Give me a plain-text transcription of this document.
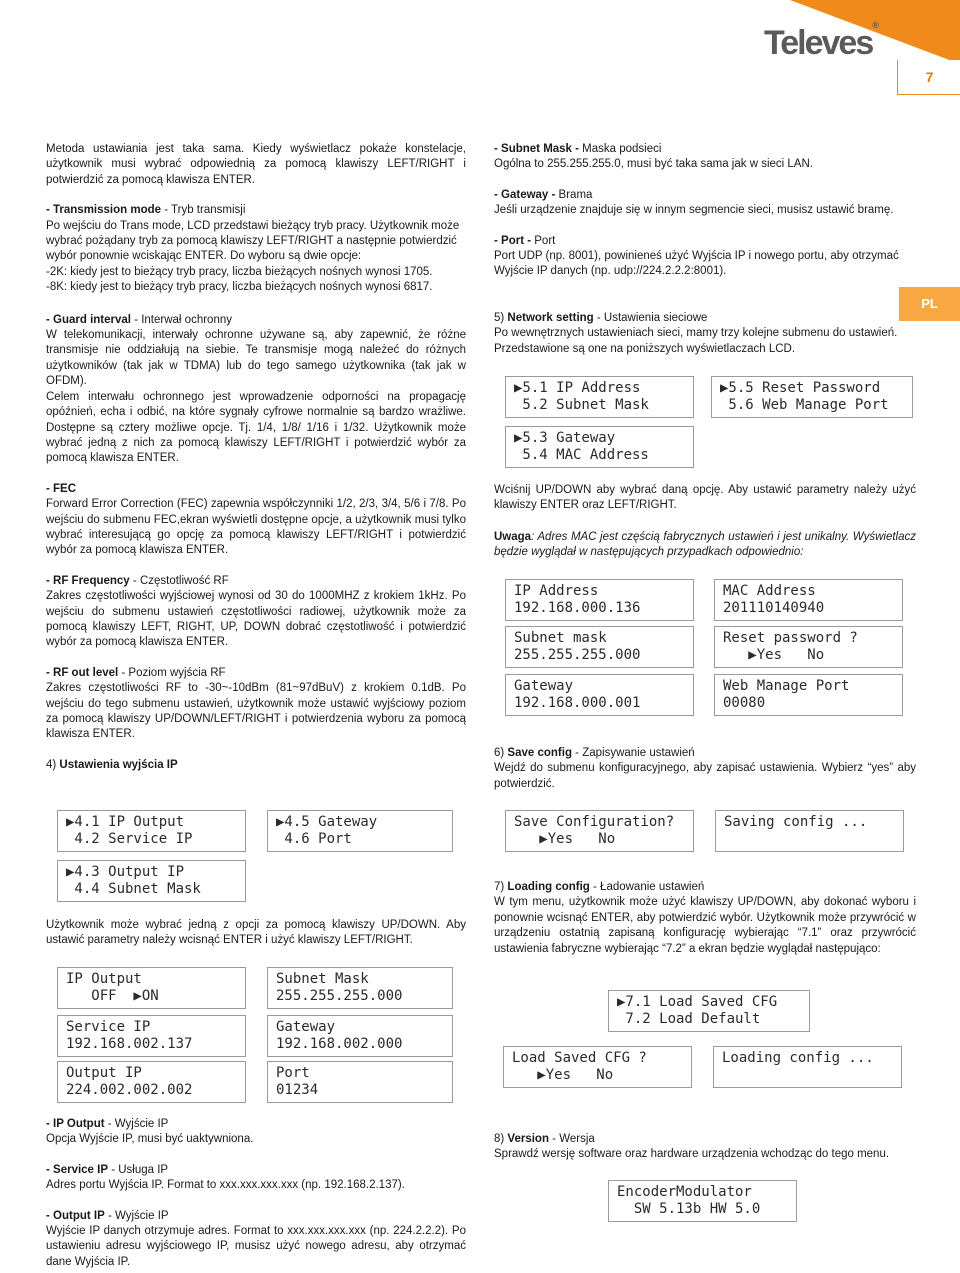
Televes®
7
PL

Metoda ustawiania jest taka sama. Kiedy wyświetlacz pokaże konstelacje, użytkownik musi wybrać odpowiednią za pomocą klawiszy LEFT/RIGHT i potwierdzić za pomocą klawisza ENTER.

- Transmission mode - Tryb transmisji

Po wejściu do Trans mode, LCD przedstawi bieżący tryb pracy. Użytkownik może wybrać pożądany tryb za pomocą klawiszy LEFT/RIGHT a następnie potwierdzić wybór ponownie wciskając ENTER. Do wyboru są dwie opcje:

-2K: kiedy jest to bieżący tryb pracy, liczba bieżących nośnych wynosi 1705.

-8K: kiedy jest to bieżący tryb pracy, liczba bieżących nośnych wynosi 6817.

- Guard interval - Interwał ochronny

W telekomunikacji, interwały ochronne używane są, aby zapewnić, że różne transmisje nie oddziałują na siebie. Te transmisje mogą należeć do różnych użytkowników (tak jak w TDMA) lub do tego samego użytkownika (tak jak w OFDM).

Celem interwału ochronnego jest wprowadzenie odporności na propagację opóźnień, echa i odbić, na które sygnały cyfrowe normalnie są bardzo wrażliwe. Dostępne są cztery możliwe opcje. Tj. 1/4, 1/8/ 1/16 i 1/32. Użytkownik może wybrać jedną z nich za pomocą klawiszy LEFT/RIGHT i potwierdzić wybór za pomocą klawisza ENTER.

- FEC

Forward Error Correction (FEC) zapewnia współczynniki 1/2, 2/3, 3/4, 5/6 i 7/8. Po wejściu do submenu FEC,ekran wyświetli dostępne opcje, a użytkownik musi tylko wybrać interesującą go opcję za pomocą klawiszy LEFT/RIGHT i potwierdzić wybór za pomocą klawisza ENTER.

- RF Frequency - Częstotliwość RF

Zakres częstotliwości wyjściowej wynosi od 30 do 1000MHZ z krokiem 1kHz. Po wejściu do submenu ustawień częstotliwości radiowej, użytkownik może za pomocą klawiszy LEFT, RIGHT, UP, DOWN dobrać częstotliwość i potwierdzić wybór za pomocą klawisza ENTER.

- RF out level - Poziom wyjścia RF

Zakres częstotliwości RF to -30~-10dBm (81~97dBuV) z krokiem 0.1dB. Po wejściu do tego submenu ustawień, użytkownik może ustawić wyjściowy poziom za pomocą klawiszy UP/DOWN/LEFT/RIGHT i potwierdzenia wyboru za pomocą klawisza ENTER.

4) Ustawienia wyjścia IP

▶4.1 IP Output
4.2 Service IP

▶4.5 Gateway
4.6 Port

▶4.3 Output IP
4.4 Subnet Mask
Użytkownik może wybrać jedną z opcji za pomocą klawiszy UP/DOWN. Aby ustawić parametry należy wcisnąć ENTER i użyć klawiszy LEFT/RIGHT.

IP Output
OFF  ▶ON

Subnet Mask
255.255.255.000

Service IP
192.168.002.137

Gateway
192.168.002.000

Output IP
224.002.002.002

Port
01234

- IP Output - Wyjście IP

Opcja Wyjście IP, musi być uaktywniona.

- Service IP - Usługa IP

Adres portu Wyjścia IP. Format to xxx.xxx.xxx.xxx (np. 192.168.2.137).

- Output IP - Wyjście IP

Wyjście IP danych otrzymuje adres. Format to xxx.xxx.xxx.xxx (np. 224.2.2.2). Po ustawieniu adresu wyjściowego IP, musisz użyć nowego adresu, aby otrzymać dane Wyjścia IP.

- Subnet Mask - Maska podsieci

Ogólna to 255.255.255.0, musi być taka sama jak w sieci LAN.

- Gateway - Brama

Jeśli urządzenie znajduje się w innym segmencie sieci, musisz ustawić bramę.

- Port - Port

Port UDP (np. 8001), powinieneś użyć Wyjścia IP i nowego portu, aby otrzymać Wyjście IP danych (np. udp://224.2.2.2:8001).

5) Network setting - Ustawienia sieciowe

Po wewnętrznych ustawieniach sieci, mamy trzy kolejne submenu do ustawień. Przedstawione są one na poniższych wyświetlaczach LCD.

▶5.1 IP Address
5.2 Subnet Mask

▶5.5 Reset Password
5.6 Web Manage Port

▶5.3 Gateway
5.4 MAC Address
Wciśnij UP/DOWN aby wybrać daną opcję. Aby ustawić parametry należy użyć klawiszy ENTER oraz LEFT/RIGHT.
Uwaga: Adres MAC jest częścią fabrycznych ustawień i jest unikalny. Wyświetlacz będzie wyglądał w następujących przypadkach odpowiednio:

IP Address
192.168.000.136

MAC Address
201110140940

Subnet mask
255.255.255.000

Reset password ?
▶Yes   No

Gateway
192.168.000.001

Web Manage Port
00080

6) Save config - Zapisywanie ustawień

Wejdź do submenu konfiguracyjnego, aby zapisać ustawienia. Wybierz “yes” aby potwierdzić.

Save Configuration?
▶Yes   No

Saving config ...

7) Loading config - Ładowanie ustawień

W tym menu, użytkownik może użyć klawiszy UP/DOWN, aby dokonać wyboru i ponownie wcisnąć ENTER, aby potwierdzić wybór. Użytkownik może przywrócić w urządzeniu ostatnią zapisaną konfigurację wybierając “7.1” oraz przywrócić ustawienia fabryczne wybierając “7.2” a ekran będzie wyglądał następująco:

▶7.1 Load Saved CFG
7.2 Load Default

Load Saved CFG ?
▶Yes   No

Loading config ...

8) Version - Wersja

Sprawdź wersję software oraz hardware urządzenia wchodząc do tego menu.

EncoderModulator
SW 5.13b HW 5.0
